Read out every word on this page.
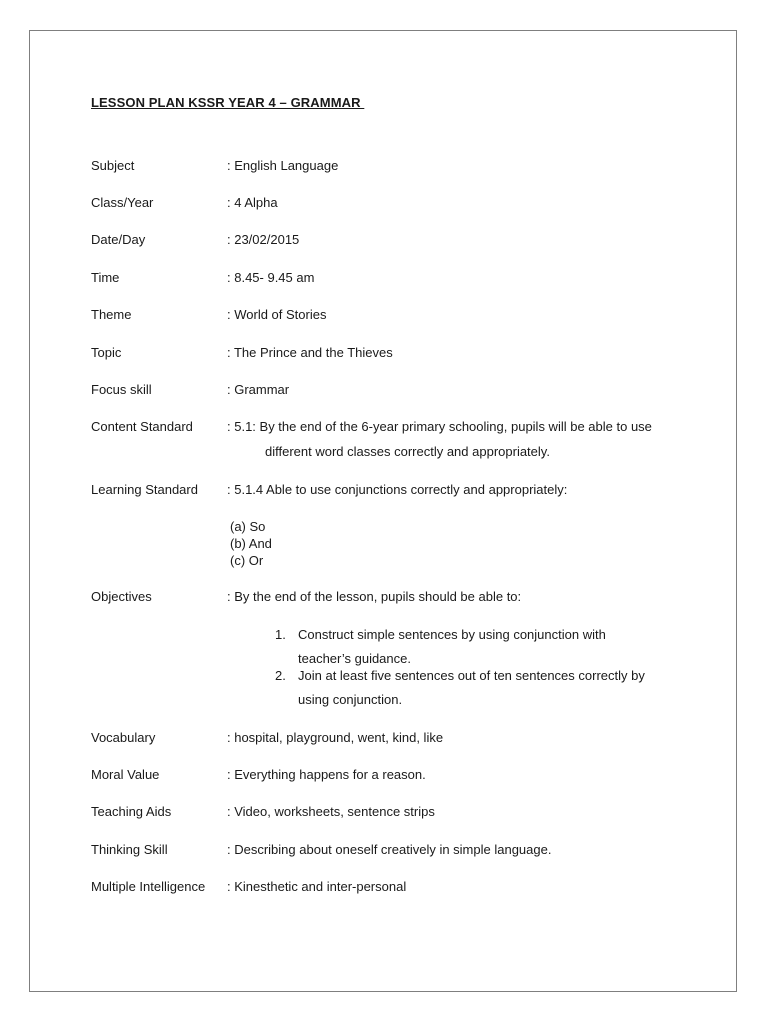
LESSON PLAN KSSR YEAR 4 – GRAMMAR
Subject	: English Language
Class/Year	: 4 Alpha
Date/Day	: 23/02/2015
Time	: 8.45- 9.45 am
Theme	: World of Stories
Topic	: The Prince and the Thieves
Focus skill	: Grammar
Content Standard	: 5.1: By the end of the 6-year primary schooling, pupils will be able to use
different word classes correctly and appropriately.
Learning Standard	: 5.1.4 Able to use conjunctions correctly and appropriately:
(a) So
(b) And
(c) Or
Objectives	: By the end of the lesson, pupils should be able to:
1. Construct simple sentences by using conjunction with
teacher’s guidance.
2. Join at least five sentences out of ten sentences correctly by
using conjunction.
Vocabulary	: hospital, playground, went, kind, like
Moral Value	: Everything happens for a reason.
Teaching Aids	: Video, worksheets, sentence strips
Thinking Skill	: Describing about oneself creatively in simple language.
Multiple Intelligence	: Kinesthetic and inter-personal
